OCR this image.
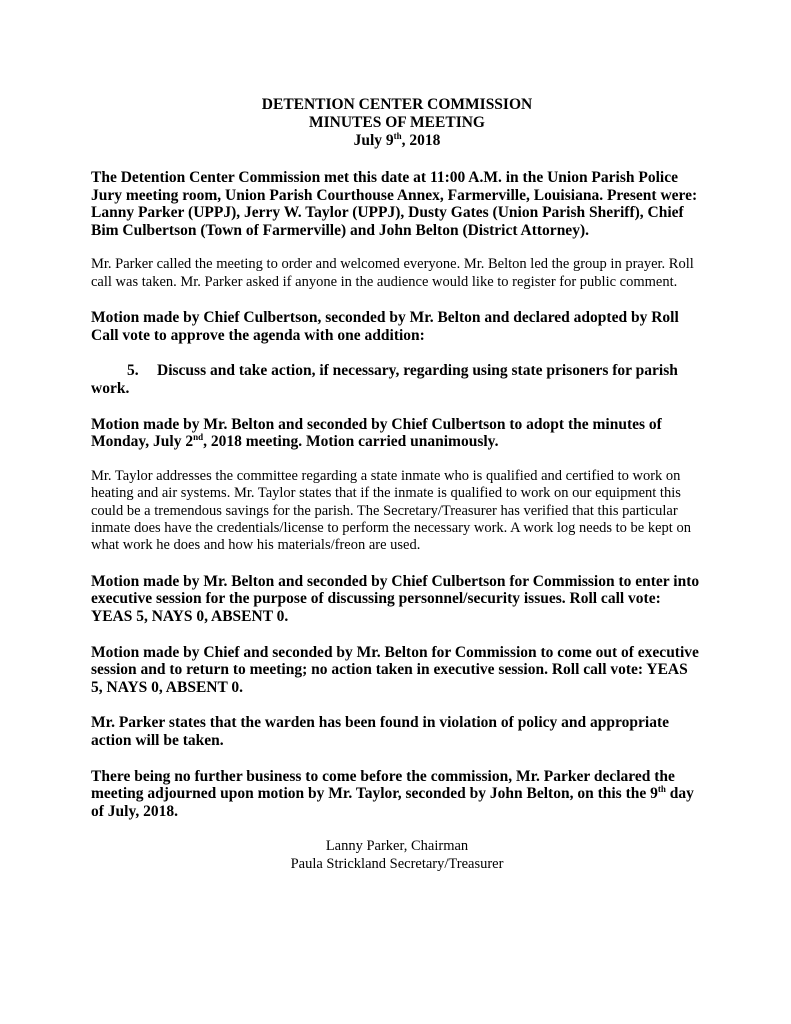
DETENTION CENTER COMMISSION
MINUTES OF MEETING
July 9th, 2018

The Detention Center Commission met this date at 11:00 A.M. in the Union Parish Police Jury meeting room, Union Parish Courthouse Annex, Farmerville, Louisiana. Present were: Lanny Parker (UPPJ), Jerry W. Taylor (UPPJ), Dusty Gates (Union Parish Sheriff), Chief Bim Culbertson (Town of Farmerville) and John Belton (District Attorney).

Mr. Parker called the meeting to order and welcomed everyone. Mr. Belton led the group in prayer. Roll call was taken. Mr. Parker asked if anyone in the audience would like to register for public comment.

Motion made by Chief Culbertson, seconded by Mr. Belton and declared adopted by Roll Call vote to approve the agenda with one addition:

5. Discuss and take action, if necessary, regarding using state prisoners for parish work.

Motion made by Mr. Belton and seconded by Chief Culbertson to adopt the minutes of Monday, July 2nd, 2018 meeting. Motion carried unanimously.

Mr. Taylor addresses the committee regarding a state inmate who is qualified and certified to work on heating and air systems. Mr. Taylor states that if the inmate is qualified to work on our equipment this could be a tremendous savings for the parish. The Secretary/Treasurer has verified that this particular inmate does have the credentials/license to perform the necessary work. A work log needs to be kept on what work he does and how his materials/freon are used.

Motion made by Mr. Belton and seconded by Chief Culbertson for Commission to enter into executive session for the purpose of discussing personnel/security issues. Roll call vote: YEAS 5, NAYS 0, ABSENT 0.

Motion made by Chief and seconded by Mr. Belton for Commission to come out of executive session and to return to meeting; no action taken in executive session. Roll call vote: YEAS 5, NAYS 0, ABSENT 0.

Mr. Parker states that the warden has been found in violation of policy and appropriate action will be taken.

There being no further business to come before the commission, Mr. Parker declared the meeting adjourned upon motion by Mr. Taylor, seconded by John Belton, on this the 9th day of July, 2018.

Lanny Parker, Chairman

Paula Strickland Secretary/Treasurer
